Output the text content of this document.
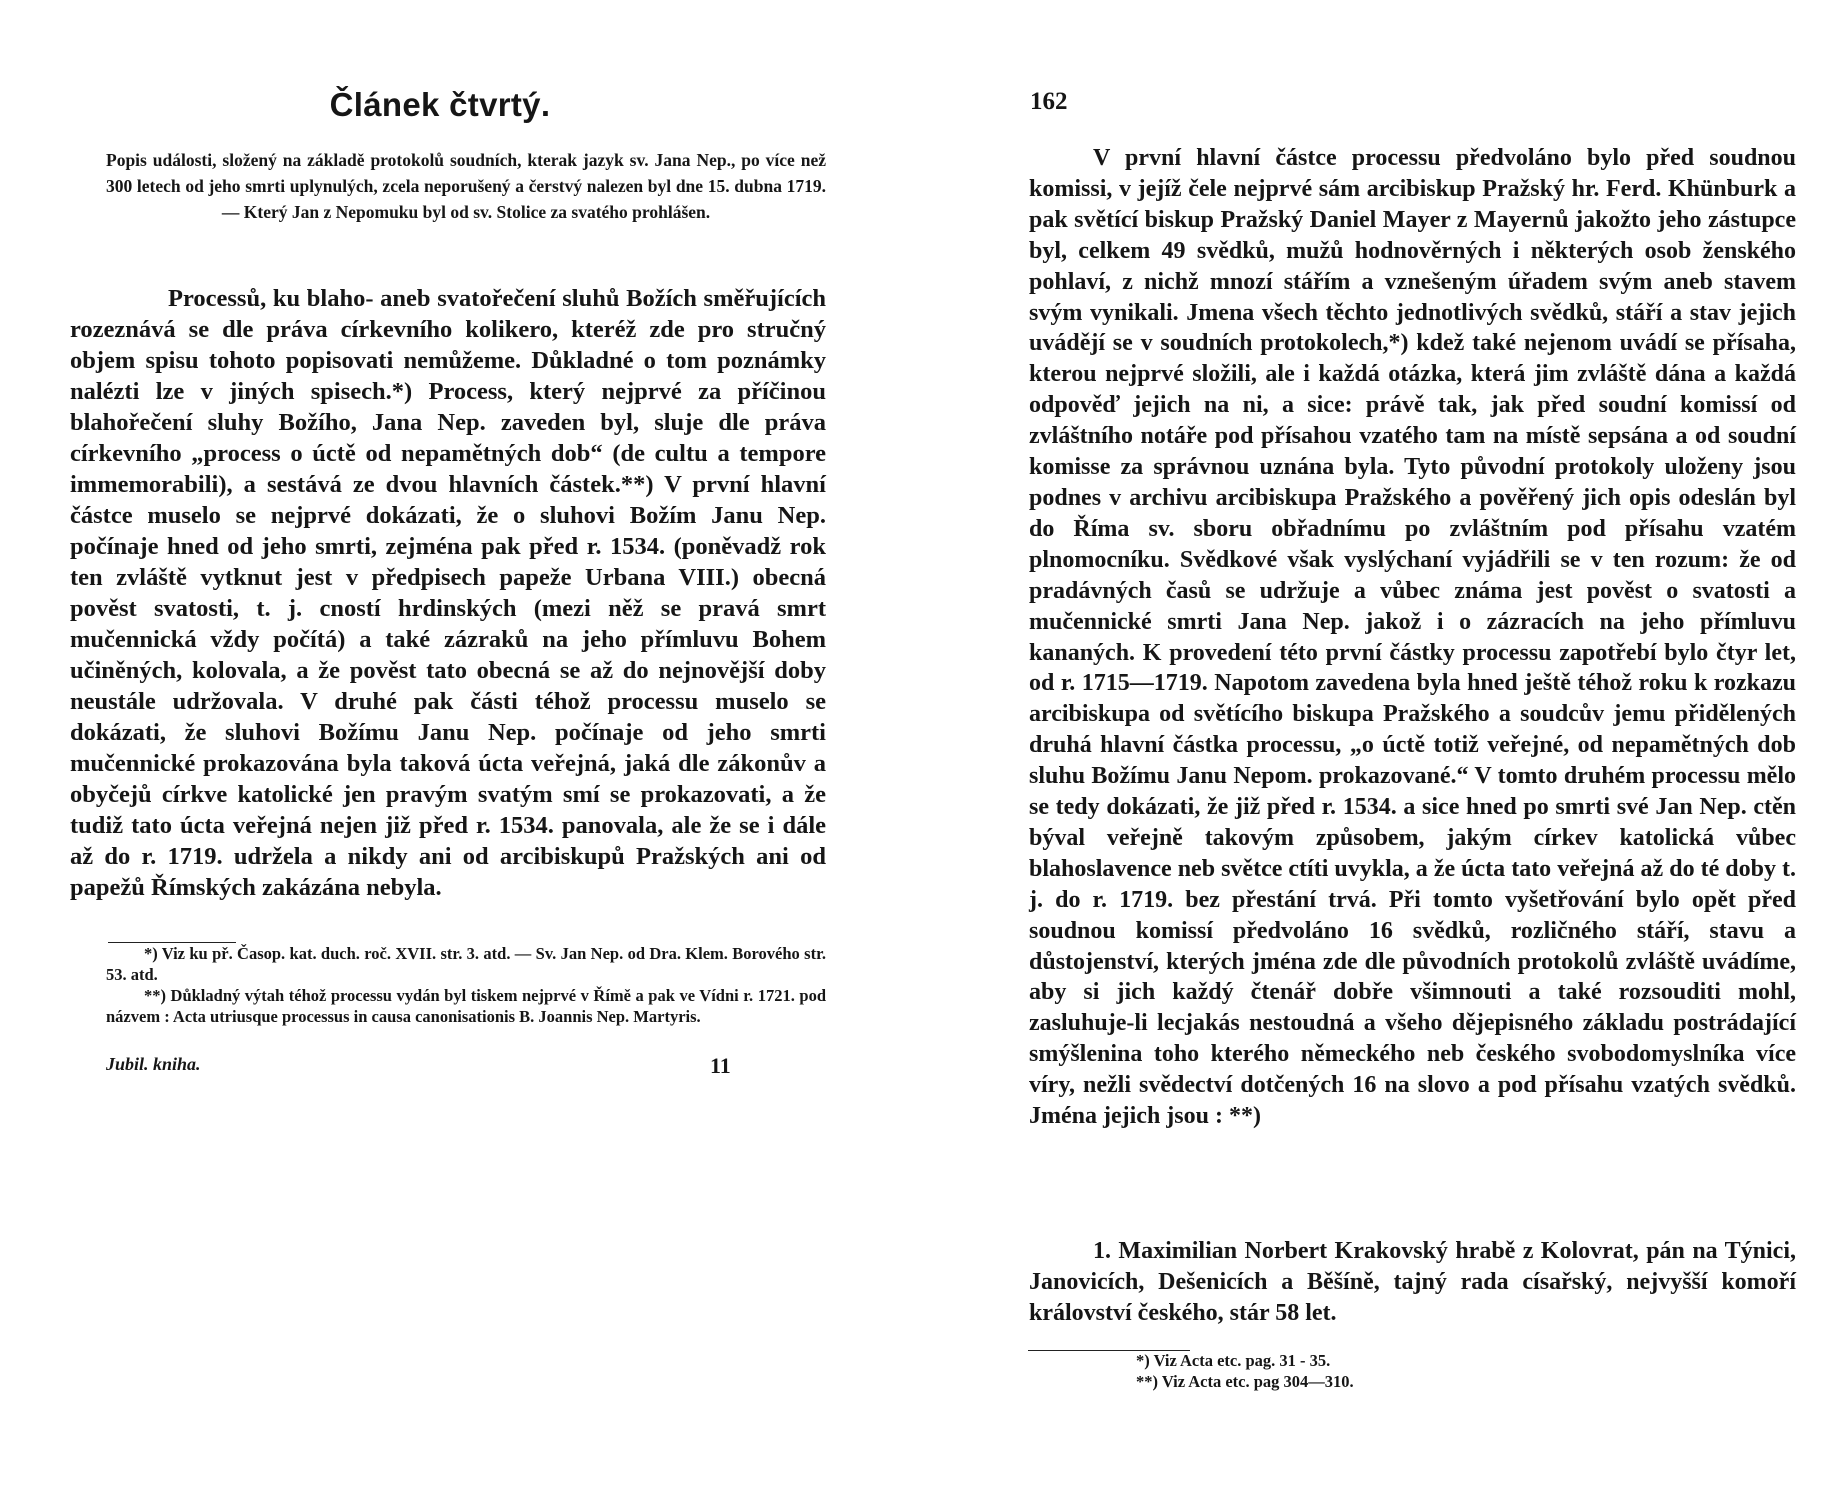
Článek čtvrtý.

Popis události, složený na základě protokolů soudních, kterak jazyk sv. Jana Nep., po více než 300 letech od jeho smrti uplynulých, zcela neporušený a čerstvý nalezen byl dne 15. dubna 1719. — Který Jan z Nepomuku byl od sv. Stolice za svatého prohlášen.

Processů, ku blaho- aneb svatořečení sluhů Božích směřujících rozeznává se dle práva církevního kolikero, kteréž zde pro stručný objem spisu tohoto popisovati nemůžeme. Důkladné o tom poznámky nalézti lze v jiných spisech.*) Process, který nejprvé za příčinou blahořečení sluhy Božího, Jana Nep. zaveden byl, sluje dle práva církevního „process o úctě od nepamětných dob“ (de cultu a tempore immemorabili), a sestává ze dvou hlavních částek.**) V první hlavní částce muselo se nejprvé dokázati, že o sluhovi Božím Janu Nep. počínaje hned od jeho smrti, zejména pak před r. 1534. (poněvadž rok ten zvláště vytknut jest v předpisech papeže Urbana VIII.) obecná pověst svatosti, t. j. cností hrdinských (mezi něž se pravá smrt mučennická vždy počítá) a také zázraků na jeho přímluvu Bohem učiněných, kolovala, a že pověst tato obecná se až do nejnovější doby neustále udržovala. V druhé pak části téhož processu muselo se dokázati, že sluhovi Božímu Janu Nep. počínaje od jeho smrti mučennické prokazována byla taková úcta veřejná, jaká dle zákonův a obyčejů církve katolické jen pravým svatým smí se prokazovati, a že tudiž tato úcta veřejná nejen již před r. 1534. panovala, ale že se i dále až do r. 1719. udržela a nikdy ani od arcibiskupů Pražských ani od papežů Římských zakázána nebyla.

*) Viz ku př. Časop. kat. duch. roč. XVII. str. 3. atd. — Sv. Jan Nep. od Dra. Klem. Borového str. 53. atd.

**) Důkladný výtah téhož processu vydán byl tiskem nejprvé v Římě a pak ve Vídni r. 1721. pod názvem : Acta utriusque processus in causa canonisationis B. Joannis Nep. Martyris.

Jubil. kniha.	11

162

V první hlavní částce processu předvoláno bylo před soudnou komissi, v jejíž čele nejprvé sám arcibiskup Pražský hr. Ferd. Khünburk a pak světící biskup Pražský Daniel Mayer z Mayernů jakožto jeho zástupce byl, celkem 49 svědků, mužů hodnověrných i některých osob ženského pohlaví, z nichž mnozí stářím a vznešeným úřadem svým aneb stavem svým vynikali. Jmena všech těchto jednotlivých svědků, stáří a stav jejich uvádějí se v soudních protokolech,*) kdež také nejenom uvádí se přísaha, kterou nejprvé složili, ale i každá otázka, která jim zvláště dána a každá odpověď jejich na ni, a sice: právě tak, jak před soudní komissí od zvláštního notáře pod přísahou vzatého tam na místě sepsána a od soudní komisse za správnou uznána byla. Tyto původní protokoly uloženy jsou podnes v archivu arcibiskupa Pražského a pověřený jich opis odeslán byl do Říma sv. sboru obřadnímu po zvláštním pod přísahu vzatém plnomocníku. Svědkové však vyslýchaní vyjádřili se v ten rozum: že od pradávných časů se udržuje a vůbec známa jest pověst o svatosti a mučennické smrti Jana Nep. jakož i o zázracích na jeho přímluvu kananých. K provedení této první částky processu zapotřebí bylo čtyr let, od r. 1715—1719. Napotom zavedena byla hned ještě téhož roku k rozkazu arcibiskupa od světícího biskupa Pražského a soudcův jemu přidělených druhá hlavní částka processu, „o úctě totiž veřejné, od nepamětných dob sluhu Božímu Janu Nepom. prokazované.“ V tomto druhém processu mělo se tedy dokázati, že již před r. 1534. a sice hned po smrti své Jan Nep. ctěn býval veřejně takovým způsobem, jakým církev katolická vůbec blahoslavence neb světce ctíti uvykla, a že úcta tato veřejná až do té doby t. j. do r. 1719. bez přestání trvá. Při tomto vyšetřování bylo opět před soudnou komissí předvoláno 16 svědků, rozličného stáří, stavu a důstojenství, kterých jména zde dle původních protokolů zvláště uvádíme, aby si jich každý čtenář dobře všimnouti a také rozsouditi mohl, zasluhuje-li lecjakás nestoudná a všeho dějepisného základu postrádající smýšlenina toho kterého německého neb českého svobodomyslníka více víry, nežli svědectví dotčených 16 na slovo a pod přísahu vzatých svědků. Jména jejich jsou : **)

1. Maximilian Norbert Krakovský hrabě z Kolovrat, pán na Týnici, Janovicích, Dešenicích a Běšíně, tajný rada císařský, nejvyšší komoří království českého, stár 58 let.

*) Viz Acta etc. pag. 31 - 35.

**) Viz Acta etc. pag 304—310.
